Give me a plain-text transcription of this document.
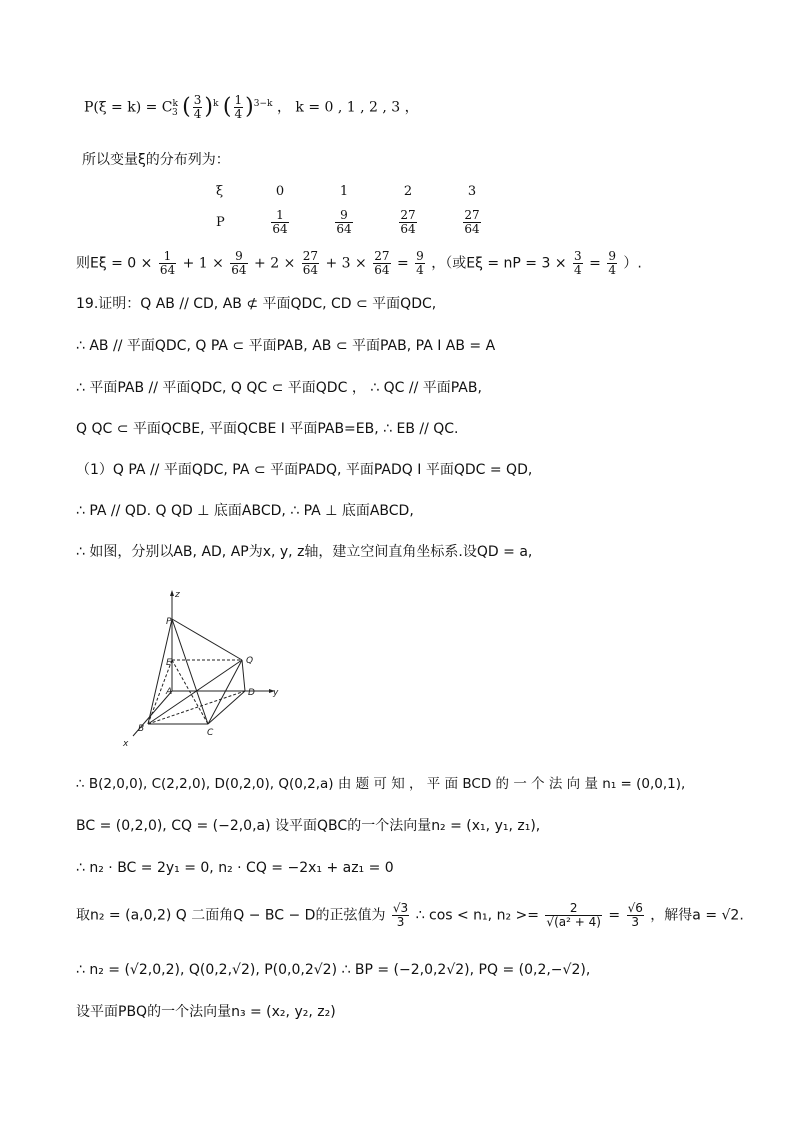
$P(\xi = k) = C^k_3$ ( $\frac{3}{4} )^k$ ( $\frac{1}{4} )^{3-k}$ ， k = 0 , 1 , 2 , 3 ，
所以变量ξ的分布列为：
ξ	0	1	2	3
P	$\frac{1}{64}$	$\frac{9}{64}$	$\frac{27}{64}$	$\frac{27}{64}$
则$E\xi = 0 \times \frac{1}{64} + 1 \times \frac{9}{64} + 2 \times \frac{27}{64} + 3 \times \frac{27}{64} = \frac{9}{4}$ ，（或Eξ = nP = $3 \times \frac{3}{4} = \frac{9}{4}$ ）.
19.证明：Q AB // CD, AB ⊄ 平面QDC, CD ⊂ 平面QDC,
∴ AB // 平面QDC, Q PA ⊂ 平面PAB, AB ⊂ 平面PAB, PA I AB = A
∴ 平面PAB // 平面QDC, Q QC ⊂ 平面QDC ， ∴ QC // 平面PAB,
Q QC ⊂ 平面QCBE, 平面QCBE I 平面PAB=EB, ∴ EB // QC.
（1）Q PA // 平面QDC, PA ⊂ 平面PADQ, 平面PADQ I 平面QDC = QD,
∴ PA // QD. Q QD ⊥ 底面ABCD, ∴ PA ⊥ 底面ABCD,
∴ 如图，分别以AB, AD, AP为x, y, z轴，建立空间直角坐标系.设QD = a,
z
P
Q
E
A	D y
B	C
x
∴ B(2,0,0), C(2,2,0), D(0,2,0), Q(0,2,a) 由 题 可 知 ， 平 面 BCD 的 一 个 法 向 量 n₁ = (0,0,1),
BC = (0,2,0), CQ = (−2,0,a) 设平面QBC的一个法向量n₂ = (x₁, y₁, z₁),
∴ n₂ ⋅ BC = 2y₁ = 0, n₂ ⋅ CQ = −2x₁ + az₁ = 0
取n₂ = (a,0,2) Q 二面角Q − BC − D的正弦值为 $\frac{√3}{3}$ ∴ cos < n₁, $n_2 >= \frac{2}{\text{√(a² + 4)}} = \frac{√6}{3}$ ，解得a = √2.
∴ n₂ = (√2,0,2), Q(0,2,√2), P(0,0,2√2) ∴ BP = (−2,0,2√2), PQ = (0,2,−√2),
设平面PBQ的一个法向量n₃ = (x₂, y₂, z₂)
